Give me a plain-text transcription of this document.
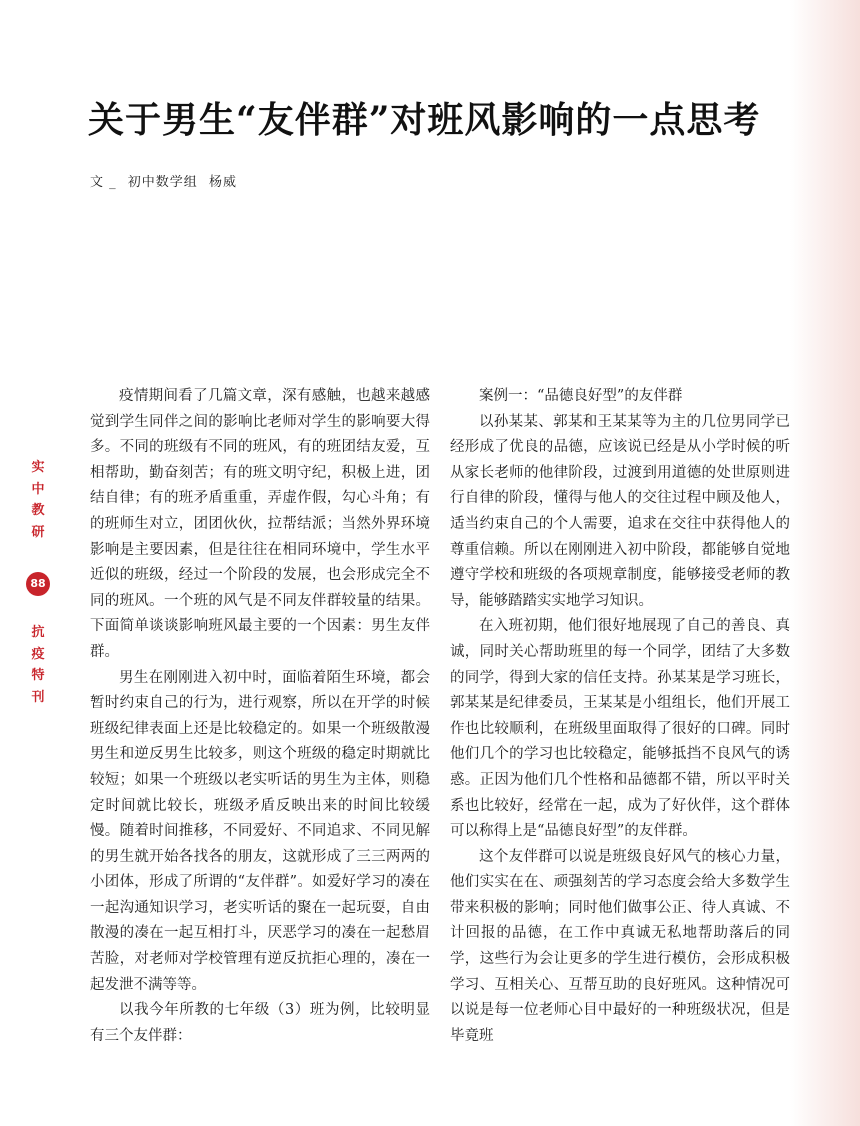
关于男生“友伴群”对班风影响的一点思考
文 _ 初中数学组 杨威
实
中
教
研
88
抗
疫
特
刊

疫情期间看了几篇文章，深有感触，也越来越感觉到学生同伴之间的影响比老师对学生的影响要大得多。不同的班级有不同的班风，有的班团结友爱，互相帮助，勤奋刻苦；有的班文明守纪，积极上进，团结自律；有的班矛盾重重，弄虚作假，勾心斗角；有的班师生对立，团团伙伙，拉帮结派；当然外界环境影响是主要因素，但是往往在相同环境中，学生水平近似的班级，经过一个阶段的发展，也会形成完全不同的班风。一个班的风气是不同友伴群较量的结果。下面简单谈谈影响班风最主要的一个因素：男生友伴群。

男生在刚刚进入初中时，面临着陌生环境，都会暂时约束自己的行为，进行观察，所以在开学的时候班级纪律表面上还是比较稳定的。如果一个班级散漫男生和逆反男生比较多，则这个班级的稳定时期就比较短；如果一个班级以老实听话的男生为主体，则稳定时间就比较长，班级矛盾反映出来的时间比较缓慢。随着时间推移，不同爱好、不同追求、不同见解的男生就开始各找各的朋友，这就形成了三三两两的小团体，形成了所谓的“友伴群”。如爱好学习的凑在一起沟通知识学习，老实听话的聚在一起玩耍，自由散漫的凑在一起互相打斗，厌恶学习的凑在一起愁眉苦脸，对老师对学校管理有逆反抗拒心理的，凑在一起发泄不满等等。

以我今年所教的七年级（3）班为例，比较明显有三个友伴群：

案例一：“品德良好型”的友伴群

以孙某某、郭某和王某某等为主的几位男同学已经形成了优良的品德，应该说已经是从小学时候的听从家长老师的他律阶段，过渡到用道德的处世原则进行自律的阶段，懂得与他人的交往过程中顾及他人，适当约束自己的个人需要，追求在交往中获得他人的尊重信赖。所以在刚刚进入初中阶段，都能够自觉地遵守学校和班级的各项规章制度，能够接受老师的教导，能够踏踏实实地学习知识。

在入班初期，他们很好地展现了自己的善良、真诚，同时关心帮助班里的每一个同学，团结了大多数的同学，得到大家的信任支持。孙某某是学习班长，郭某某是纪律委员，王某某是小组组长，他们开展工作也比较顺利，在班级里面取得了很好的口碑。同时他们几个的学习也比较稳定，能够抵挡不良风气的诱惑。正因为他们几个性格和品德都不错，所以平时关系也比较好，经常在一起，成为了好伙伴，这个群体可以称得上是“品德良好型”的友伴群。

这个友伴群可以说是班级良好风气的核心力量，他们实实在在、顽强刻苦的学习态度会给大多数学生带来积极的影响；同时他们做事公正、待人真诚、不计回报的品德，在工作中真诚无私地帮助落后的同学，这些行为会让更多的学生进行模仿，会形成积极学习、互相关心、互帮互助的良好班风。这种情况可以说是每一位老师心目中最好的一种班级状况，但是毕竟班
